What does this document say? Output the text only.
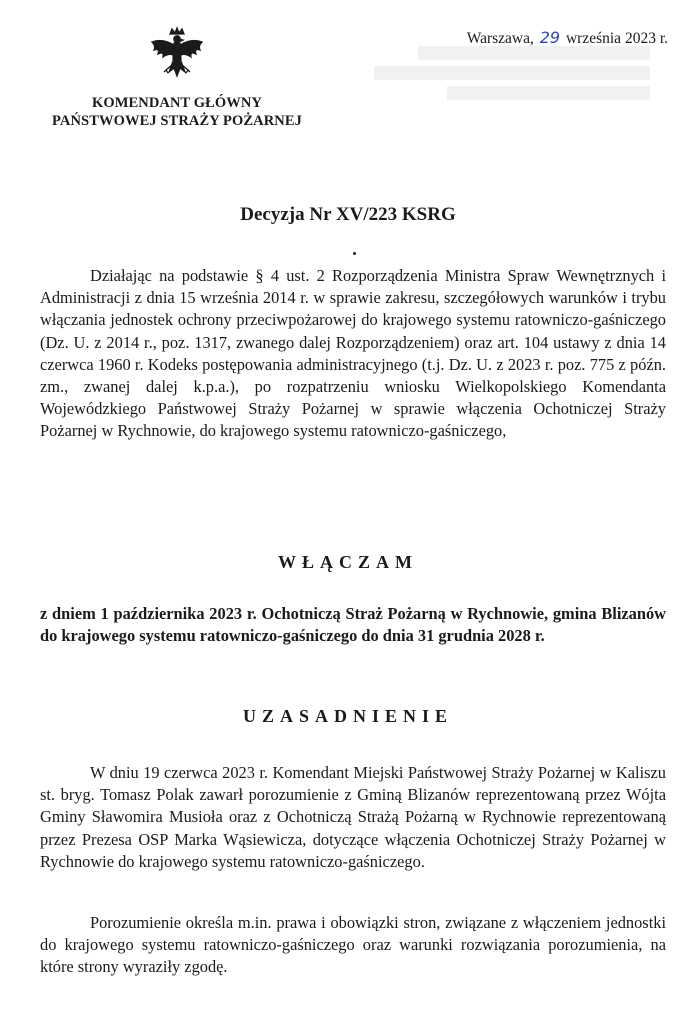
KOMENDANT GŁÓWNY
PAŃSTWOWEJ STRAŻY POŻARNEJ
Warszawa, 29 września 2023 r.
Decyzja Nr XV/223 KSRG
Działając na podstawie § 4 ust. 2 Rozporządzenia Ministra Spraw Wewnętrznych i Administracji z dnia 15 września 2014 r. w sprawie zakresu, szczegółowych warunków i trybu włączania jednostek ochrony przeciwpożarowej do krajowego systemu ratowniczo-gaśniczego (Dz. U. z 2014 r., poz. 1317, zwanego dalej Rozporządzeniem) oraz art. 104 ustawy z dnia 14 czerwca 1960 r. Kodeks postępowania administracyjnego (t.j. Dz. U. z 2023 r. poz. 775 z późn. zm., zwanej dalej k.p.a.), po rozpatrzeniu wniosku Wielkopolskiego Komendanta Wojewódzkiego Państwowej Straży Pożarnej w sprawie włączenia Ochotniczej Straży Pożarnej w Rychnowie, do krajowego systemu ratowniczo-gaśniczego,
WŁĄCZAM
z dniem 1 października 2023 r. Ochotniczą Straż Pożarną w Rychnowie, gmina Blizanów do krajowego systemu ratowniczo-gaśniczego do dnia 31 grudnia 2028 r.
UZASADNIENIE
W dniu 19 czerwca 2023 r. Komendant Miejski Państwowej Straży Pożarnej w Kaliszu st. bryg. Tomasz Polak zawarł porozumienie z Gminą Blizanów reprezentowaną przez Wójta Gminy Sławomira Musioła oraz z Ochotniczą Strażą Pożarną w Rychnowie reprezentowaną przez Prezesa OSP Marka Wąsiewicza, dotyczące włączenia Ochotniczej Straży Pożarnej w Rychnowie do krajowego systemu ratowniczo-gaśniczego.
Porozumienie określa m.in. prawa i obowiązki stron, związane z włączeniem jednostki do krajowego systemu ratowniczo-gaśniczego oraz warunki rozwiązania porozumienia, na które strony wyraziły zgodę.
